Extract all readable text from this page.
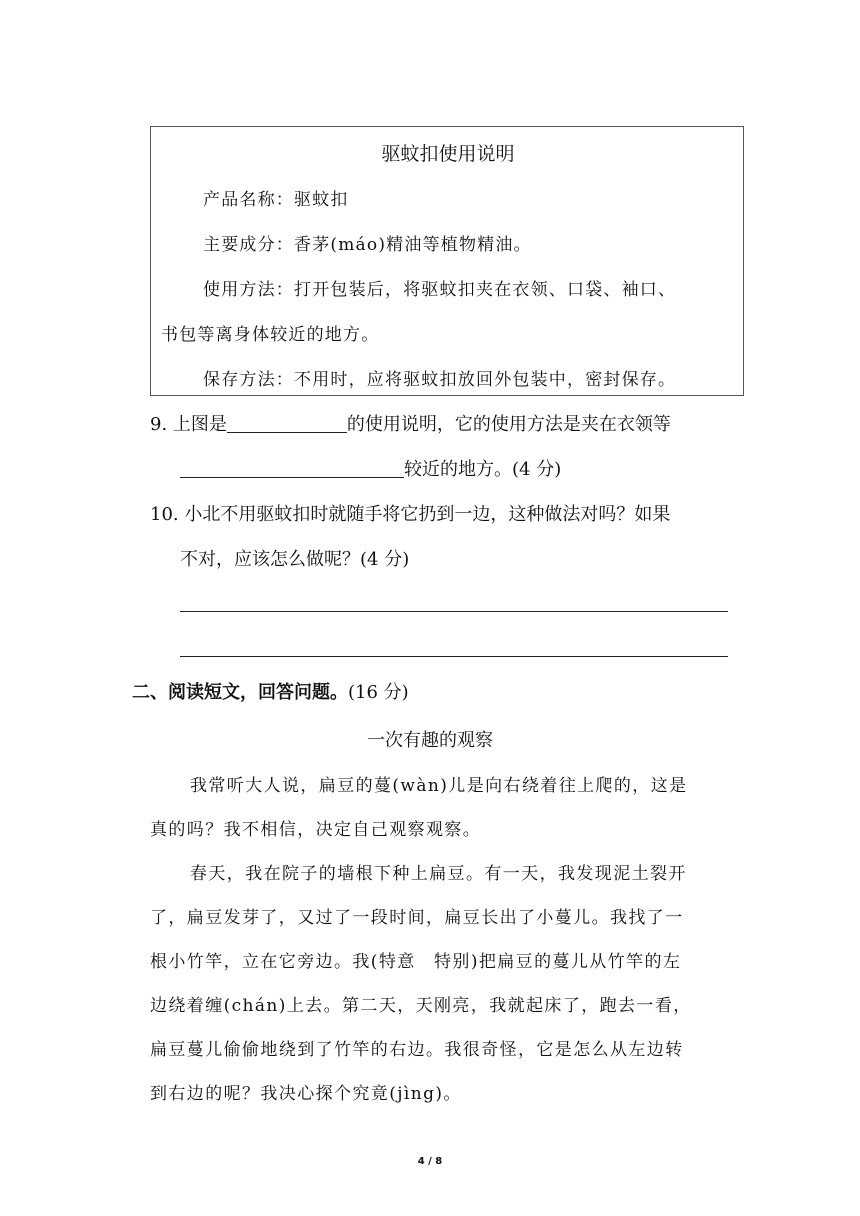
驱蚊扣使用说明
产品名称：驱蚊扣
主要成分：香茅(máo)精油等植物精油。
使用方法：打开包装后，将驱蚊扣夹在衣领、口袋、袖口、
书包等离身体较近的地方。
保存方法：不用时，应将驱蚊扣放回外包装中，密封保存。
9. 上图是	的使用说明，它的使用方法是夹在衣领等
较近的地方。(4 分)
10. 小北不用驱蚊扣时就随手将它扔到一边，这种做法对吗？如果
不对，应该怎么做呢？(4 分)
二、阅读短文，回答问题。(16 分)
一次有趣的观察
我常听大人说，扁豆的蔓(wàn)儿是向右绕着往上爬的，这是
真的吗？我不相信，决定自己观察观察。
春天，我在院子的墙根下种上扁豆。有一天，我发现泥土裂开
了，扁豆发芽了，又过了一段时间，扁豆长出了小蔓儿。我找了一
根小竹竿，立在它旁边。我(特意　特别)把扁豆的蔓儿从竹竿的左
边绕着缠(chán)上去。第二天，天刚亮，我就起床了，跑去一看，
扁豆蔓儿偷偷地绕到了竹竿的右边。我很奇怪，它是怎么从左边转
到右边的呢？我决心探个究竟(jìng)。
4 / 8
